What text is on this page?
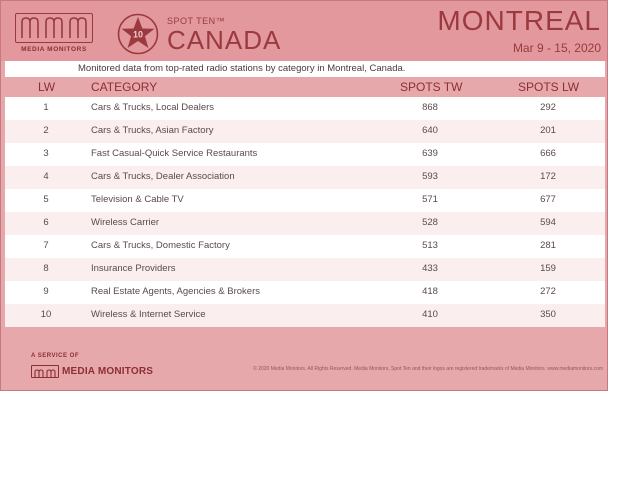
MEDIA MONITORS
10
SPOT TEN™
CANADA
MONTREAL
Mar 9 - 15, 2020
Monitored data from top-rated radio stations by category in Montreal, Canada.
LW	CATEGORY	SPOTS TW	SPOTS LW
1	Cars & Trucks, Local Dealers	868	292
2	Cars & Trucks, Asian Factory	640	201
3	Fast Casual-Quick Service Restaurants	639	666
4	Cars & Trucks, Dealer Association	593	172
5	Television & Cable TV	571	677
6	Wireless Carrier	528	594
7	Cars & Trucks, Domestic Factory	513	281
8	Insurance Providers	433	159
9	Real Estate Agents, Agencies & Brokers	418	272
10	Wireless & Internet Service	410	350
A SERVICE OF
MEDIA MONITORS	© 2020 Media Monitors. All Rights Reserved. Media Monitors, Spot Ten and their logos are registered trademarks of Media Monitors. www.mediamonitors.com
